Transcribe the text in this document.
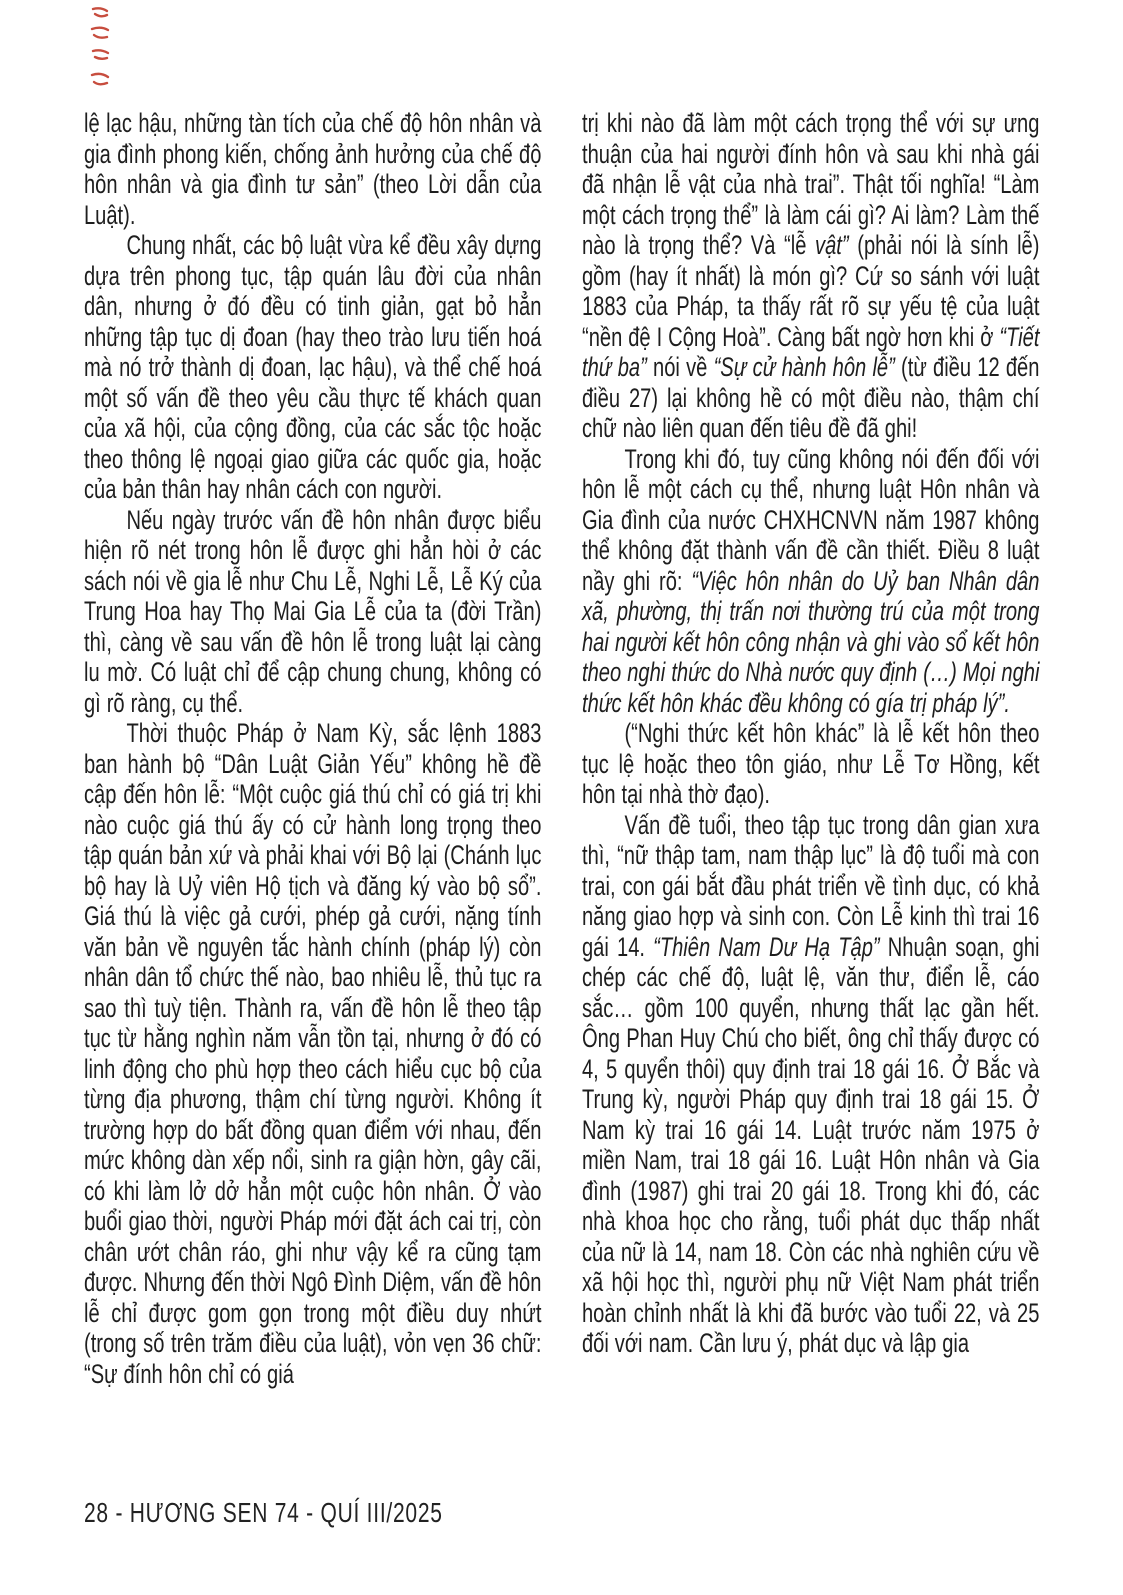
lệ lạc hậu, những tàn tích của chế độ hôn nhân và gia đình phong kiến, chống ảnh hưởng của chế độ hôn nhân và gia đình tư sản” (theo Lời dẫn của Luật).

Chung nhất, các bộ luật vừa kể đều xây dựng dựa trên phong tục, tập quán lâu đời của nhân dân, nhưng ở đó đều có tinh giản, gạt bỏ hẳn những tập tục dị đoan (hay theo trào lưu tiến hoá mà nó trở thành dị đoan, lạc hậu), và thể chế hoá một số vấn đề theo yêu cầu thực tế khách quan của xã hội, của cộng đồng, của các sắc tộc hoặc theo thông lệ ngoại giao giữa các quốc gia, hoặc của bản thân hay nhân cách con người.

Nếu ngày trước vấn đề hôn nhân được biểu hiện rõ nét trong hôn lễ được ghi hẳn hòi ở các sách nói về gia lễ như Chu Lễ, Nghi Lễ, Lễ Ký của Trung Hoa hay Thọ Mai Gia Lễ của ta (đời Trần) thì, càng về sau vấn đề hôn lễ trong luật lại càng lu mờ. Có luật chỉ để cập chung chung, không có gì rõ ràng, cụ thể.

Thời thuộc Pháp ở Nam Kỳ, sắc lệnh 1883 ban hành bộ “Dân Luật Giản Yếu” không hề đề cập đến hôn lễ: “Một cuộc giá thú chỉ có giá trị khi nào cuộc giá thú ấy có cử hành long trọng theo tập quán bản xứ và phải khai với Bộ lại (Chánh lục bộ hay là Uỷ viên Hộ tịch và đăng ký vào bộ sổ”. Giá thú là việc gả cưới, phép gả cưới, nặng tính văn bản về nguyên tắc hành chính (pháp lý) còn nhân dân tổ chức thế nào, bao nhiêu lễ, thủ tục ra sao thì tuỳ tiện. Thành ra, vấn đề hôn lễ theo tập tục từ hằng nghìn năm vẫn tồn tại, nhưng ở đó có linh động cho phù hợp theo cách hiểu cục bộ của từng địa phương, thậm chí từng người. Không ít trường hợp do bất đồng quan điểm với nhau, đến mức không dàn xếp nổi, sinh ra giận hờn, gây cãi, có khi làm lở dở hẳn một cuộc hôn nhân. Ở vào buổi giao thời, người Pháp mới đặt ách cai trị, còn chân ướt chân ráo, ghi như vậy kể ra cũng tạm được. Nhưng đến thời Ngô Đình Diệm, vấn đề hôn lễ chỉ được gom gọn trong một điều duy nhứt (trong số trên trăm điều của luật), vỏn vẹn 36 chữ: “Sự đính hôn chỉ có giá

trị khi nào đã làm một cách trọng thể với sự ưng thuận của hai người đính hôn và sau khi nhà gái đã nhận lễ vật của nhà trai”. Thật tối nghĩa! “Làm một cách trọng thể” là làm cái gì? Ai làm? Làm thế nào là trọng thể? Và “lễ vật” (phải nói là sính lễ) gồm (hay ít nhất) là món gì? Cứ so sánh với luật 1883 của Pháp, ta thấy rất rõ sự yếu tệ của luật “nền đệ I Cộng Hoà”. Càng bất ngờ hơn khi ở “Tiết thứ ba” nói về “Sự cử hành hôn lễ” (từ điều 12 đến điều 27) lại không hề có một điều nào, thậm chí chữ nào liên quan đến tiêu đề đã ghi!

Trong khi đó, tuy cũng không nói đến đối với hôn lễ một cách cụ thể, nhưng luật Hôn nhân và Gia đình của nước CHXHCNVN năm 1987 không thể không đặt thành vấn đề cần thiết. Điều 8 luật nầy ghi rõ: “Việc hôn nhân do Uỷ ban Nhân dân xã, phường, thị trấn nơi thường trú của một trong hai người kết hôn công nhận và ghi vào sổ kết hôn theo nghi thức do Nhà nước quy định (…) Mọi nghi thức kết hôn khác đều không có gía trị pháp lý”.

(“Nghi thức kết hôn khác” là lễ kết hôn theo tục lệ hoặc theo tôn giáo, như Lễ Tơ Hồng, kết hôn tại nhà thờ đạo).

Vấn đề tuổi, theo tập tục trong dân gian xưa thì, “nữ thập tam, nam thập lục” là độ tuổi mà con trai, con gái bắt đầu phát triển về tình dục, có khả năng giao hợp và sinh con. Còn Lễ kinh thì trai 16 gái 14. “Thiên Nam Dư Hạ Tập” Nhuận soạn, ghi chép các chế độ, luật lệ, văn thư, điển lễ, cáo sắc… gồm 100 quyển, nhưng thất lạc gần hết. Ông Phan Huy Chú cho biết, ông chỉ thấy được có 4, 5 quyển thôi) quy định trai 18 gái 16. Ở Bắc và Trung kỳ, người Pháp quy định trai 18 gái 15. Ở Nam kỳ trai 16 gái 14. Luật trước năm 1975 ở miền Nam, trai 18 gái 16. Luật Hôn nhân và Gia đình (1987) ghi trai 20 gái 18. Trong khi đó, các nhà khoa học cho rằng, tuổi phát dục thấp nhất của nữ là 14, nam 18. Còn các nhà nghiên cứu về xã hội học thì, người phụ nữ Việt Nam phát triển hoàn chỉnh nhất là khi đã bước vào tuổi 22, và 25 đối với nam. Cần lưu ý, phát dục và lập gia

28 - HƯƠNG SEN 74 - QUÍ III/2025
